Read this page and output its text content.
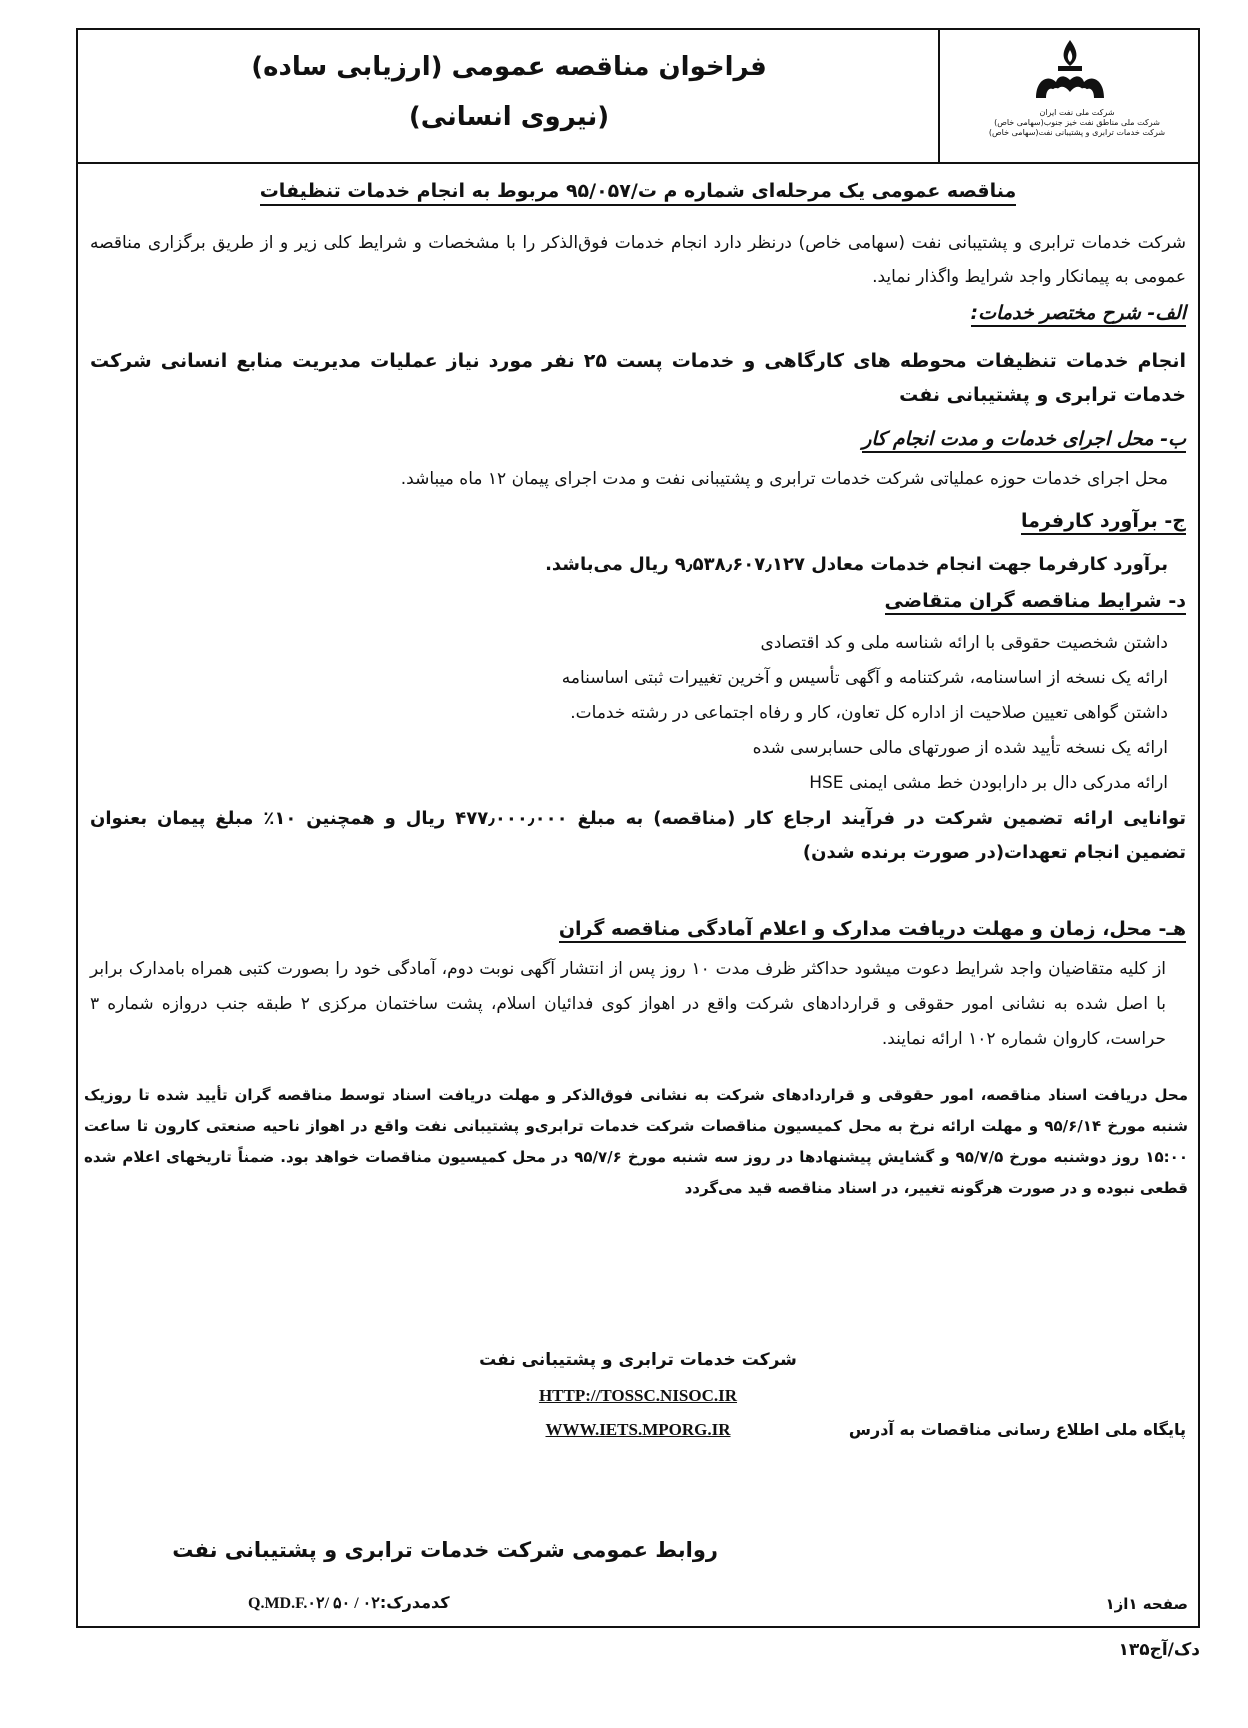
فراخوان مناقصه عمومی (ارزیابی ساده)
(نیروی انسانی)	شرکت ملی نفت ایران
شرکت ملی مناطق نفت خیز جنوب(سهامی خاص)
شرکت خدمات ترابری و پشتیبانی نفت(سهامی خاص)
مناقصه عمومی یک مرحله‌ای شماره م ت/۹۵/۰۵۷ مربوط به انجام خدمات تنظیفات
شرکت خدمات ترابری و پشتیبانی نفت (سهامی خاص) درنظر دارد انجام خدمات فوق‌الذکر را با مشخصات و شرایط کلی زیر و از طریق برگزاری مناقصه عمومی به پیمانکار واجد شرایط واگذار نماید.
الف- شرح مختصر خدمات:
انجام خدمات تنظیفات محوطه های کارگاهی و خدمات پست ۲۵ نفر مورد نیاز عملیات مدیریت منابع انسانی شرکت خدمات ترابری و پشتیبانی نفت
ب- محل اجرای خدمات و مدت انجام کار
محل اجرای خدمات حوزه عملیاتی شرکت خدمات ترابری و پشتیبانی نفت و مدت اجرای پیمان ۱۲ ماه میباشد.
ج- برآورد کارفرما
برآورد کارفرما جهت انجام خدمات معادل ۹٫۵۳۸٫۶۰۷٫۱۲۷ ریال می‌باشد.
د- شرایط مناقصه گران متقاضی
داشتن شخصیت حقوقی با ارائه شناسه ملی و کد اقتصادی
ارائه یک نسخه از اساسنامه، شرکتنامه و آگهی تأسیس و آخرین تغییرات ثبتی اساسنامه
داشتن گواهی تعیین صلاحیت از اداره کل تعاون، کار و رفاه اجتماعی در رشته خدمات.
ارائه یک نسخه تأیید شده از صورتهای مالی حسابرسی شده
ارائه مدرکی دال بر دارابودن خط مشی ایمنی HSE
توانایی ارائه تضمین شرکت در فرآیند ارجاع کار (مناقصه) به مبلغ ۴۷۷٫۰۰۰٫۰۰۰ ریال و همچنین ۱۰٪ مبلغ پیمان بعنوان تضمین انجام تعهدات(در صورت برنده شدن)
هـ- محل، زمان و مهلت دریافت مدارک و اعلام آمادگی مناقصه گران
از کلیه متقاضیان واجد شرایط دعوت میشود حداکثر ظرف مدت ۱۰ روز پس از انتشار آگهی نوبت دوم، آمادگی خود را بصورت کتبی همراه بامدارک برابر با اصل شده به نشانی امور حقوقی و قراردادهای شرکت واقع در اهواز کوی فدائیان اسلام، پشت ساختمان مرکزی ۲ طبقه جنب دروازه شماره ۳ حراست، کاروان شماره ۱۰۲ ارائه نمایند.
محل دریافت اسناد مناقصه، امور حقوقی و قراردادهای شرکت به نشانی فوق‌الذکر و مهلت دریافت اسناد توسط مناقصه گران تأیید شده تا روزیک شنبه مورخ ۹۵/۶/۱۴ و مهلت ارائه نرخ به محل کمیسیون مناقصات شرکت خدمات ترابری‌و پشتیبانی نفت واقع در اهواز ناحیه صنعتی کارون تا ساعت ۱۵:۰۰ روز دوشنبه مورخ ۹۵/۷/۵ و گشایش پیشنهادها در روز سه شنبه مورخ ۹۵/۷/۶ در محل کمیسیون مناقصات خواهد بود. ضمناً تاریخهای اعلام شده قطعی نبوده و در صورت هرگونه تغییر، در اسناد مناقصه قید می‌گردد
شرکت خدمات ترابری و پشتیبانی نفت
HTTP://TOSSC.NISOC.IR
WWW.IETS.MPORG.IR	پایگاه ملی اطلاع رسانی مناقصات به آدرس
روابط عمومی شرکت خدمات ترابری و پشتیبانی نفت
صفحه ۱از۱
کدمدرک:Q.MD.F.۰۲/ ۵۰ / ۰۲
دک/آج۱۳۵
